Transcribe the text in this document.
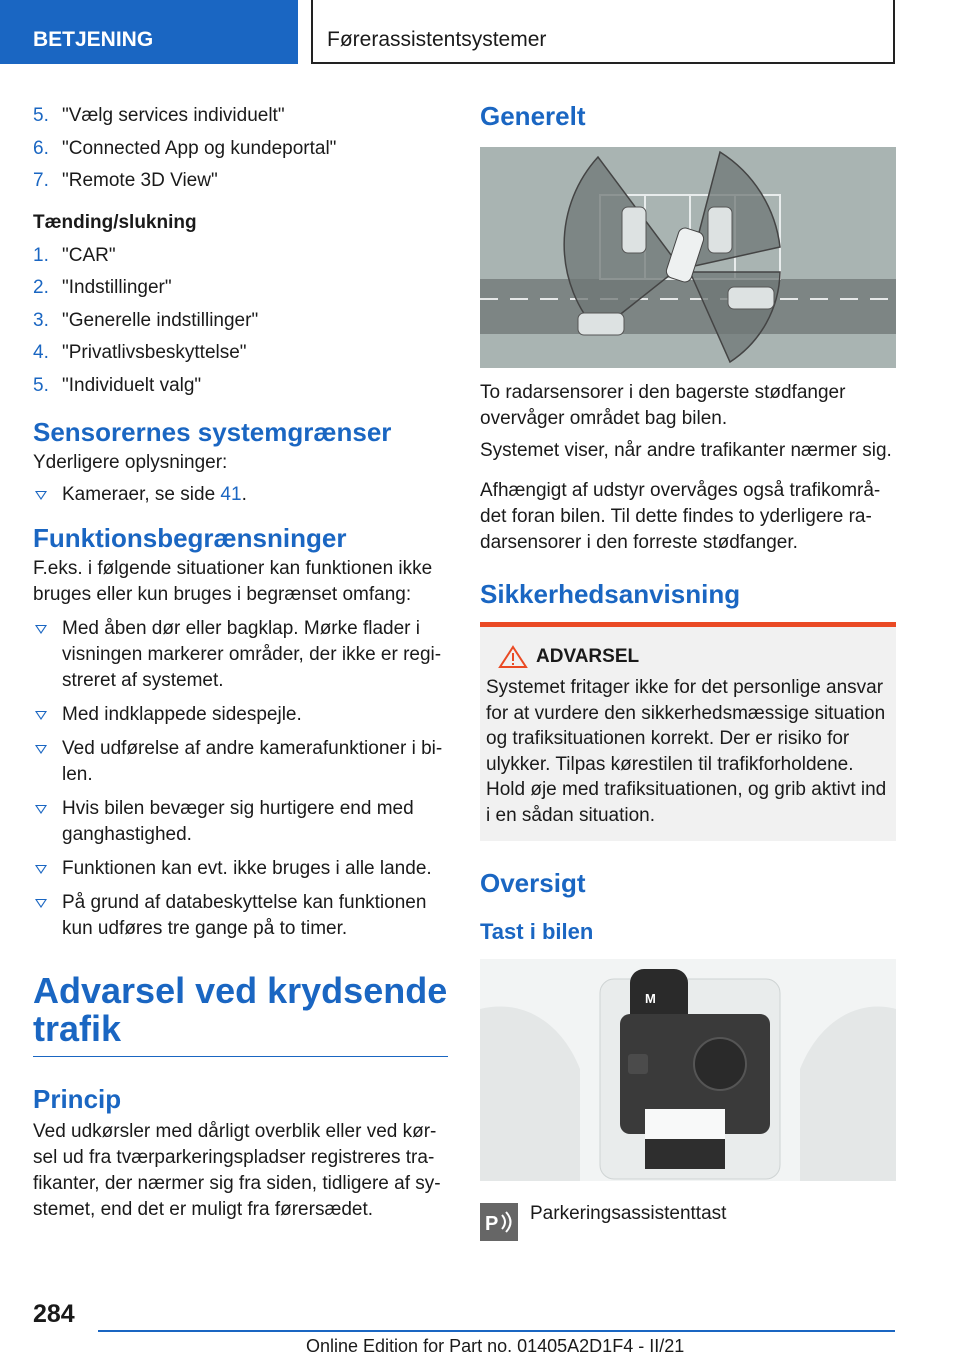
BETJENING	Førerassistentsystemer
5. "Vælg services individuelt"
6. "Connected App og kundeportal"
7. "Remote 3D View"
Tænding/slukning
1. "CAR"
2. "Indstillinger"
3. "Generelle indstillinger"
4. "Privatlivsbeskyttelse"
5. "Individuelt valg"
Sensorernes systemgrænser

Yderligere oplysninger:

Kameraer, se side 41.
Funktionsbegrænsninger

F.eks. i følgende situationer kan funktionen ikke bruges eller kun bruges i begrænset omfang:

Med åben dør eller bagklap. Mørke flader i visningen markerer områder, der ikke er registreret af systemet.
Med indklappede sidespejle.
Ved udførelse af andre kamerafunktioner i bilen.
Hvis bilen bevæger sig hurtigere end med ganghastighed.
Funktionen kan evt. ikke bruges i alle lande.
På grund af databeskyttelse kan funktionen kun udføres tre gange på to timer.
Advarsel ved krydsende trafik
Princip

Ved udkørsler med dårligt overblik eller ved kørsel ud fra tværparkeringspladser registreres trafikanter, der nærmer sig fra siden, tidligere af systemet, end det er muligt fra førersædet.

Generelt

To radarsensorer i den bagerste stødfanger overvåger området bag bilen.

Systemet viser, når andre trafikanter nærmer sig.

Afhængigt af udstyr overvåges også trafikområdet foran bilen. Til dette findes to yderligere radarsensorer i den forreste stødfanger.

Sikkerhedsanvisning
ADVARSEL
Systemet fritager ikke for det personlige ansvar for at vurdere den sikkerhedsmæssige situation og trafiksituationen korrekt. Der er risiko for ulykker. Tilpas kørestilen til trafikforholdene. Hold øje med trafiksituationen, og grib aktivt ind i en sådan situation.
Oversigt
Tast i bilen
M
P Parkeringsassistenttast
284
Online Edition for Part no. 01405A2D1F4 - II/21
